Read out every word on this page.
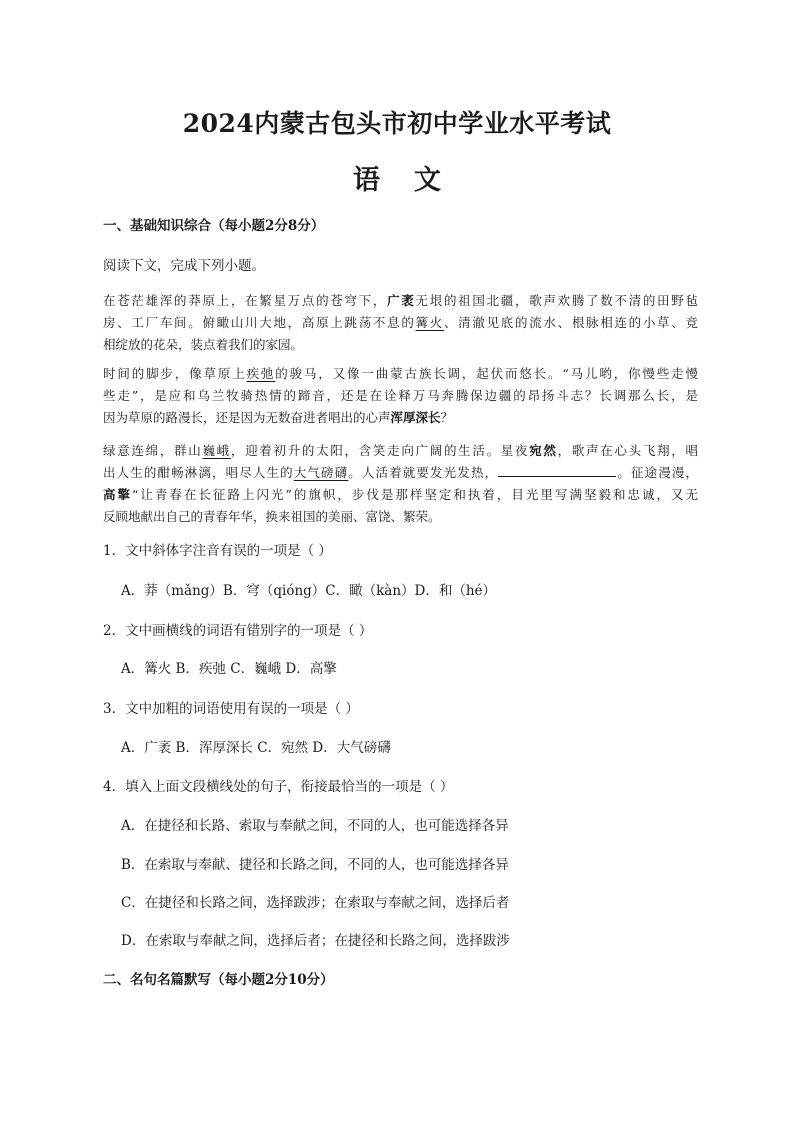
2024内蒙古包头市初中学业水平考试
语文
一、基础知识综合（每小题2分8分）
阅读下文，完成下列小题。
在苍茫雄浑的莽原上，在繁星万点的苍穹下，广袤无垠的祖国北疆，歌声欢腾了数不清的田野毡
房、工厂车间。俯瞰山川大地，高原上跳荡不息的篝火、清澈见底的流水、根脉相连的小草、竞
相绽放的花朵，装点着我们的家园。
时间的脚步，像草原上疾弛的骏马，又像一曲蒙古族长调，起伏而悠长。“马儿哟，你慢些走慢
些走”，是应和乌兰牧骑热情的蹄音，还是在诠释万马奔腾保边疆的昂扬斗志？长调那么长，是
因为草原的路漫长，还是因为无数奋进者唱出的心声浑厚深长？
绿意连绵，群山巍峨，迎着初升的太阳，含笑走向广阔的生活。星夜宛然，歌声在心头飞翔，唱
出人生的酣畅淋漓，唱尽人生的大气磅礴。人活着就要发光发热，	。征途漫漫，
高擎“让青春在长征路上闪光”的旗帜，步伐是那样坚定和执着，目光里写满坚毅和忠诚，又无
反顾地献出自己的青春年华，换来祖国的美丽、富饶、繁荣。
1．文中斜体字注音有误的一项是（ ）
A．莽（mǎng）B．穹（qióng）C．瞰（kàn）D．和（hé）
2．文中画横线的词语有错别字的一项是（ ）
A．篝火 B．疾弛 C．巍峨 D．高擎
3．文中加粗的词语使用有误的一项是（ ）
A．广袤 B．浑厚深长 C．宛然 D．大气磅礴
4．填入上面文段横线处的句子，衔接最恰当的一项是（ ）
A．在捷径和长路、索取与奉献之间，不同的人，也可能选择各异
B．在索取与奉献、捷径和长路之间，不同的人，也可能选择各异
C．在捷径和长路之间，选择跋涉；在索取与奉献之间，选择后者
D．在索取与奉献之间，选择后者；在捷径和长路之间，选择跋涉
二、名句名篇默写（每小题2分10分）
